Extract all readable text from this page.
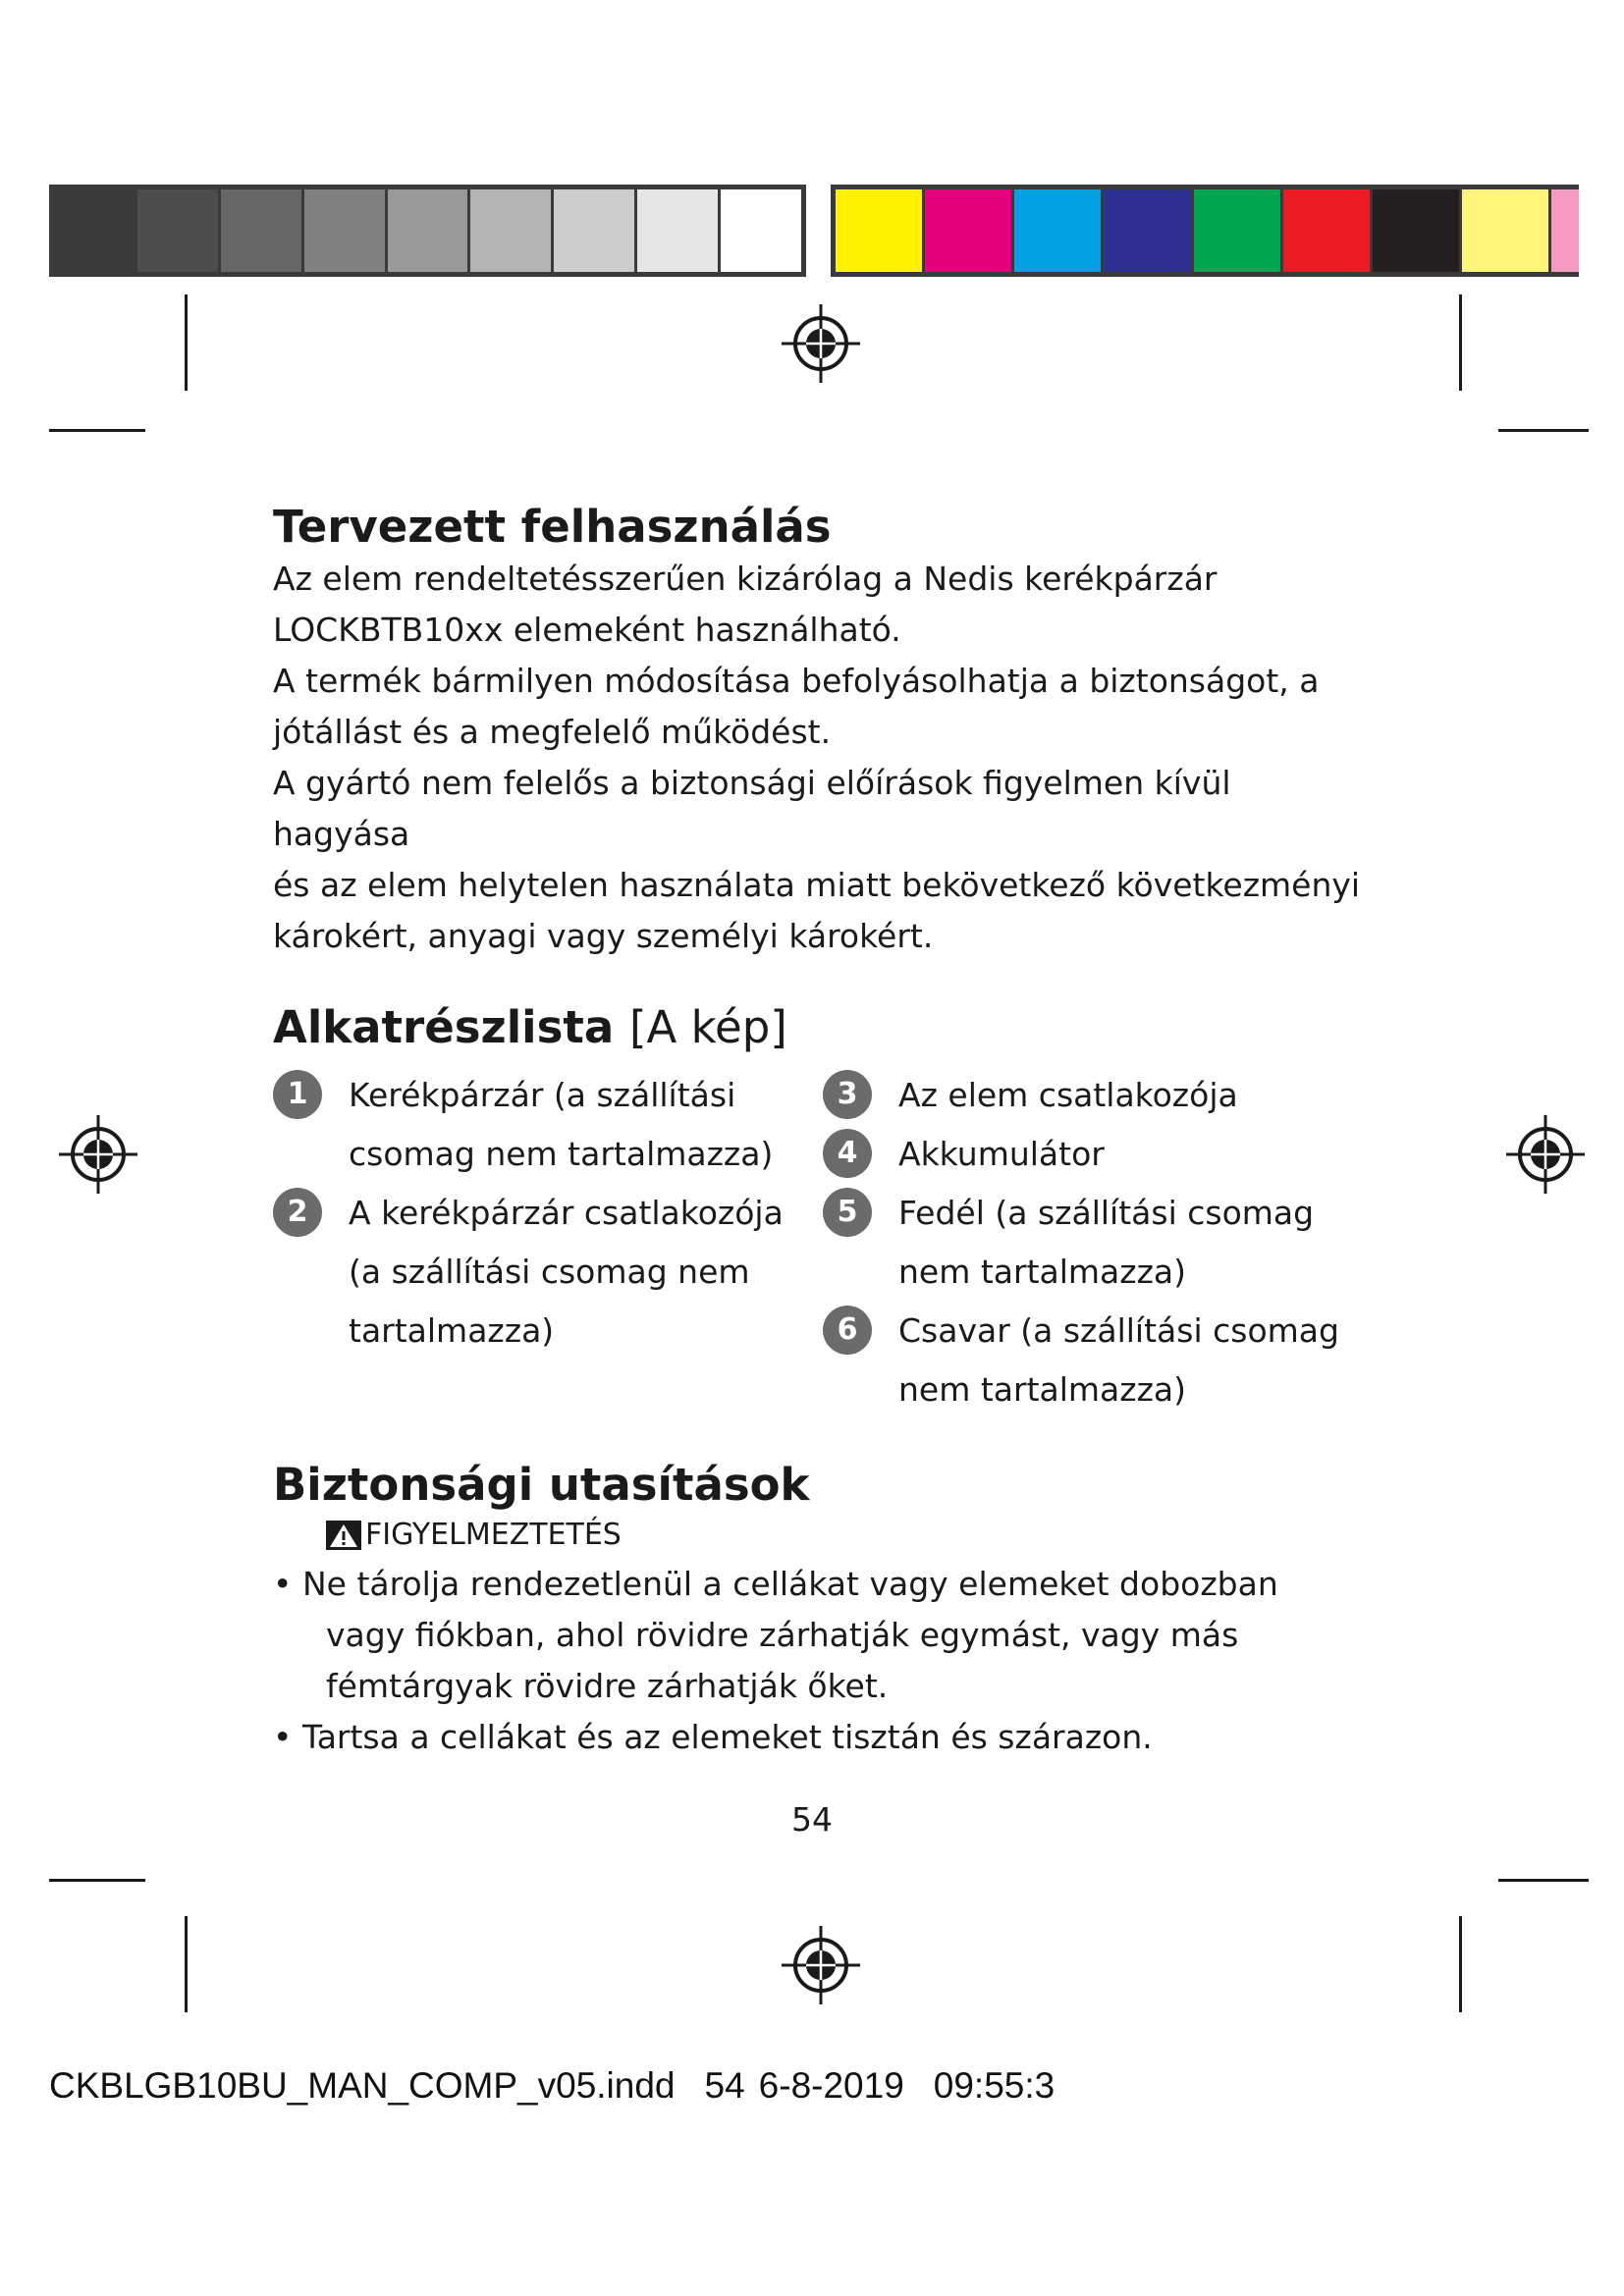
Tervezett felhasználás

Az elem rendeltetésszerűen kizárólag a Nedis kerékpárzár

LOCKBTB10xx elemeként használható.

A termék bármilyen módosítása befolyásolhatja a biztonságot, a

jótállást és a megfelelő működést.

A gyártó nem felelős a biztonsági előírások figyelmen kívül hagyása

és az elem helytelen használata miatt bekövetkező következményi

károkért, anyagi vagy személyi károkért.

Alkatrészlista [A kép]
1	Kerékpárzár (a szállítási
csomag nem tartalmazza)
2	A kerékpárzár csatlakozója
(a szállítási csomag nem
tartalmazza)
3	Az elem csatlakozója
4	Akkumulátor
5	Fedél (a szállítási csomag
nem tartalmazza)
6	Csavar (a szállítási csomag
nem tartalmazza)
Biztonsági utasítások
FIGYELMEZTETÉS
• Ne tárolja rendezetlenül a cellákat vagy elemeket dobozban
vagy fiókban, ahol rövidre zárhatják egymást, vagy más
fémtárgyak rövidre zárhatják őket.
• Tartsa a cellákat és az elemeket tisztán és szárazon.
54
CKBLGB10BU_MAN_COMP_v05.indd 54 6-8-2019 09:55:3
